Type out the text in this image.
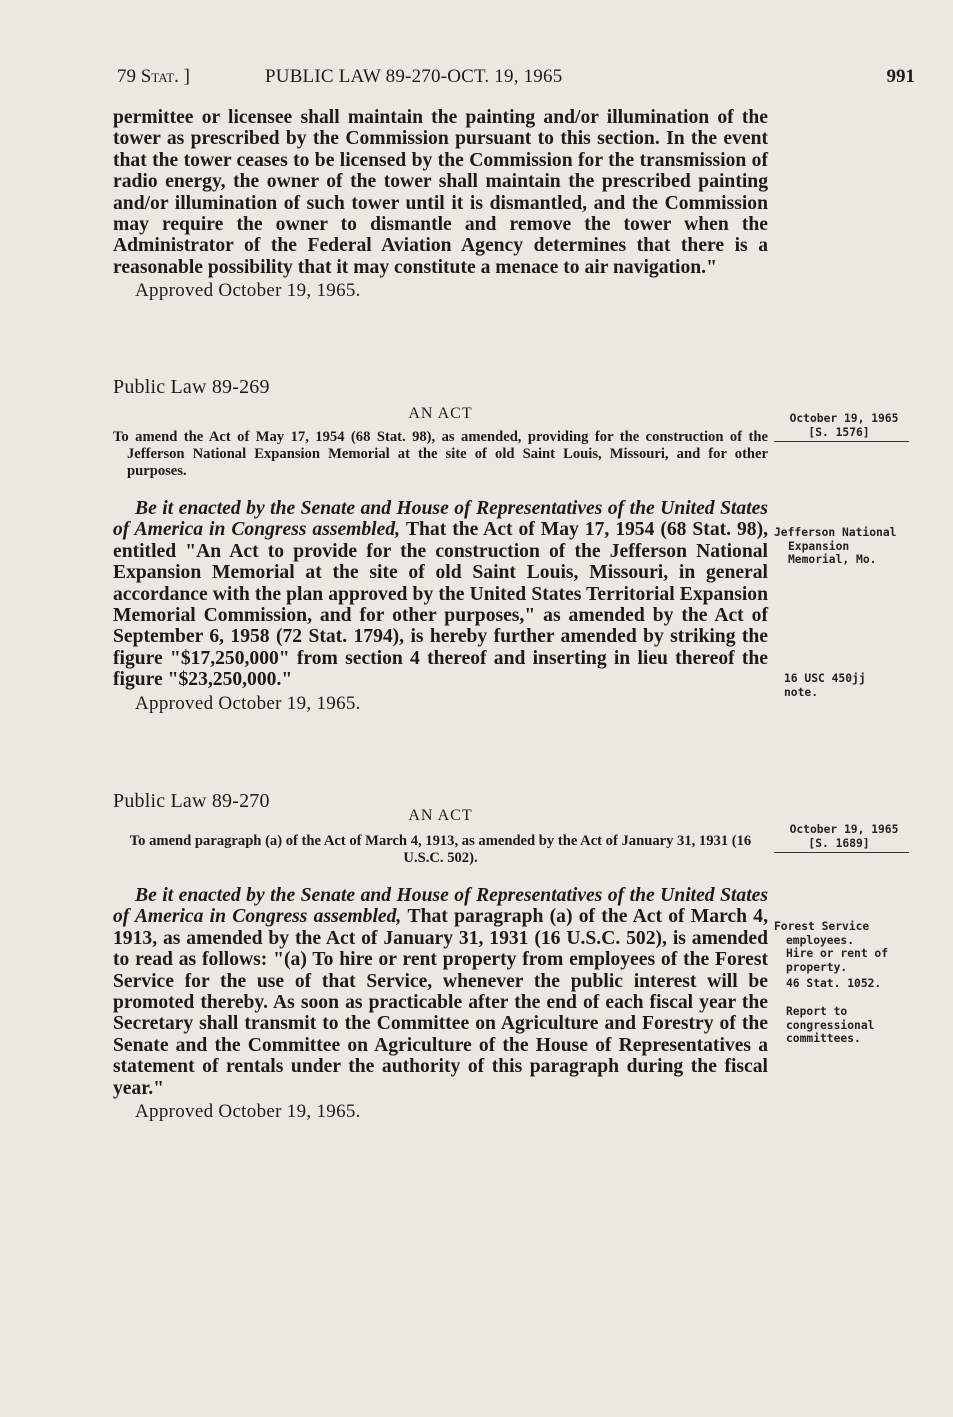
79 Stat. ]	PUBLIC LAW 89-270-OCT. 19, 1965	991

permittee or licensee shall maintain the painting and/or illumination of the tower as prescribed by the Commission pursuant to this section. In the event that the tower ceases to be licensed by the Commission for the transmission of radio energy, the owner of the tower shall maintain the prescribed painting and/or illumination of such tower until it is dismantled, and the Commission may require the owner to dismantle and remove the tower when the Administrator of the Federal Aviation Agency determines that there is a reasonable possibility that it may constitute a menace to air navigation."

Approved October 19, 1965.

Public Law 89-269

AN ACT

To amend the Act of May 17, 1954 (68 Stat. 98), as amended, providing for the construction of the Jefferson National Expansion Memorial at the site of old Saint Louis, Missouri, and for other purposes.

Be it enacted by the Senate and House of Representatives of the United States of America in Congress assembled, That the Act of May 17, 1954 (68 Stat. 98), entitled "An Act to provide for the construction of the Jefferson National Expansion Memorial at the site of old Saint Louis, Missouri, in general accordance with the plan approved by the United States Territorial Expansion Memorial Commission, and for other purposes," as amended by the Act of September 6, 1958 (72 Stat. 1794), is hereby further amended by striking the figure "$17,250,000" from section 4 thereof and inserting in lieu thereof the figure "$23,250,000."

Approved October 19, 1965.

October 19, 1965
[S. 1576]
Jefferson National Expansion Memorial, Mo.
16 USC 450jj note.

Public Law 89-270

AN ACT

To amend paragraph (a) of the Act of March 4, 1913, as amended by the Act of January 31, 1931 (16 U.S.C. 502).

Be it enacted by the Senate and House of Representatives of the United States of America in Congress assembled, That paragraph (a) of the Act of March 4, 1913, as amended by the Act of January 31, 1931 (16 U.S.C. 502), is amended to read as follows: "(a) To hire or rent property from employees of the Forest Service for the use of that Service, whenever the public interest will be promoted thereby. As soon as practicable after the end of each fiscal year the Secretary shall transmit to the Committee on Agriculture and Forestry of the Senate and the Committee on Agriculture of the House of Representatives a statement of rentals under the authority of this paragraph during the fiscal year."

Approved October 19, 1965.

October 19, 1965
[S. 1689]
Forest Service employees.
Hire or rent of property.
46 Stat. 1052.
Report to congressional committees.
